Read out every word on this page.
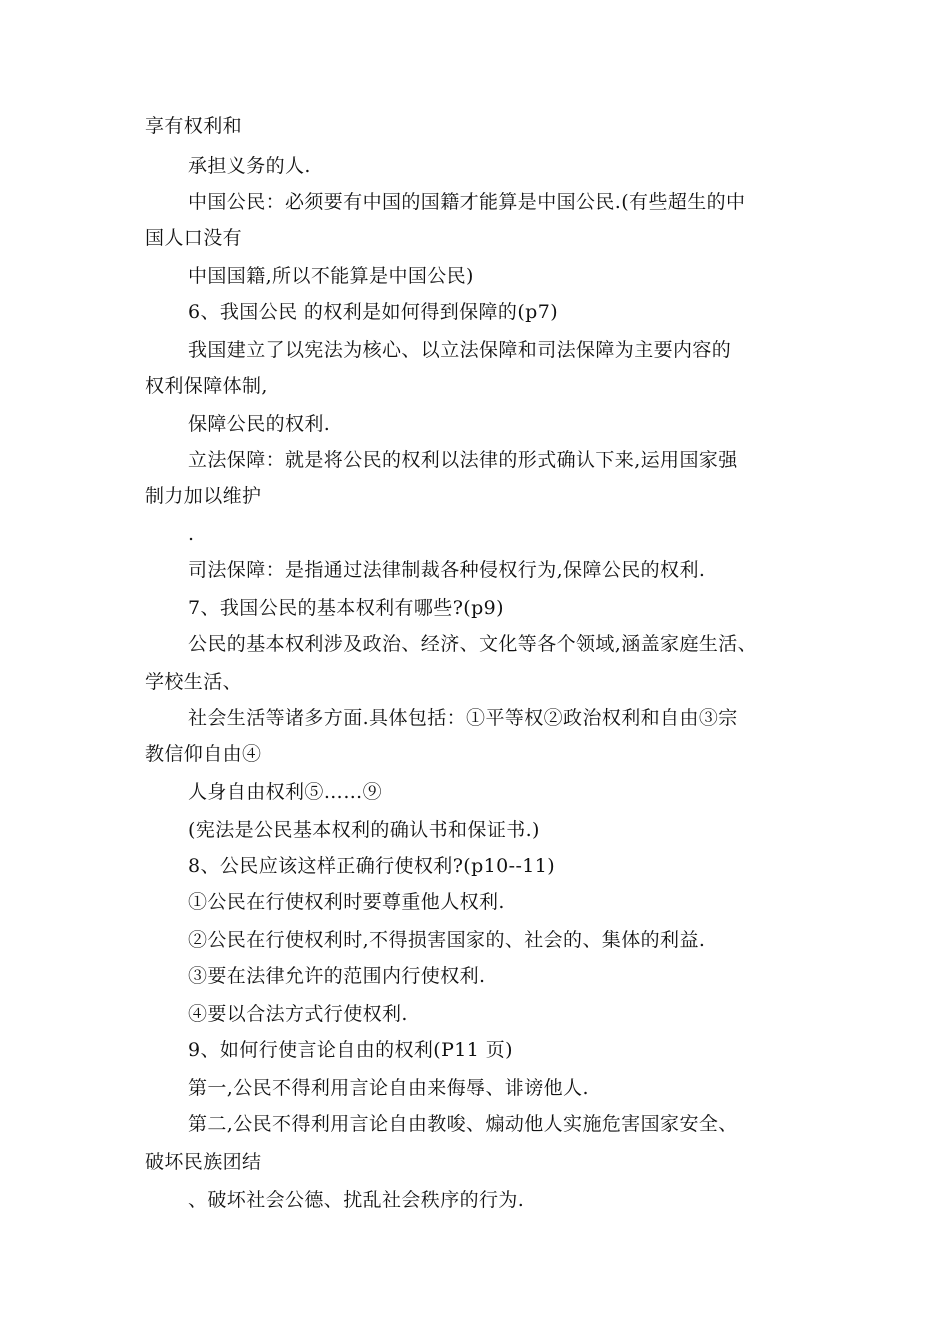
享有权利和
承担义务的人.
中国公民：必须要有中国的国籍才能算是中国公民.(有些超生的中
国人口没有
中国国籍,所以不能算是中国公民)
6、我国公民 的权利是如何得到保障的(p7)
我国建立了以宪法为核心、以立法保障和司法保障为主要内容的
权利保障体制,
保障公民的权利.
立法保障：就是将公民的权利以法律的形式确认下来,运用国家强
制力加以维护
.
司法保障：是指通过法律制裁各种侵权行为,保障公民的权利.
7、我国公民的基本权利有哪些?(p9)
公民的基本权利涉及政治、经济、文化等各个领域,涵盖家庭生活、
学校生活、
社会生活等诸多方面.具体包括：①平等权②政治权利和自由③宗
教信仰自由④
人身自由权利⑤……⑨
(宪法是公民基本权利的确认书和保证书.)
8、公民应该这样正确行使权利?(p10--11)
①公民在行使权利时要尊重他人权利.
②公民在行使权利时,不得损害国家的、社会的、集体的利益.
③要在法律允许的范围内行使权利.
④要以合法方式行使权利.
9、如何行使言论自由的权利(P11 页)
第一,公民不得利用言论自由来侮辱、诽谤他人.
第二,公民不得利用言论自由教唆、煽动他人实施危害国家安全、
破坏民族团结
、破坏社会公德、扰乱社会秩序的行为.
